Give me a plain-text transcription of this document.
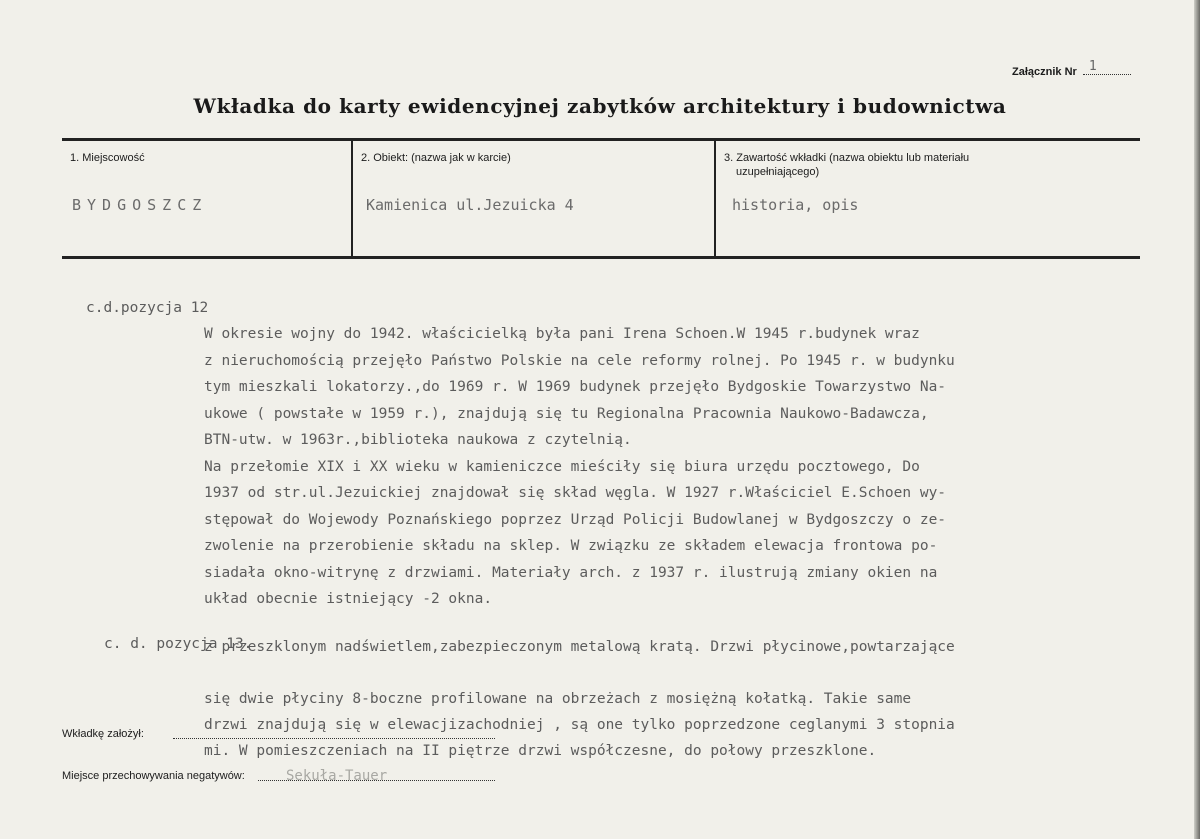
Załącznik Nr 1
Wkładka do karty ewidencyjnej zabytków architektury i budownictwa
1. Miejscowość
BYDGOSZCZ
2. Obiekt: (nazwa jak w karcie)
Kamienica ul.Jezuicka 4
3. Zawartość wkładki (nazwa obiektu lub materiału
uzupełniającego)
historia, opis
c.d.pozycja 12
W okresie wojny do 1942. właścicielką była pani Irena Schoen.W 1945 r.budynek wraz
z nieruchomością przejęło Państwo Polskie na cele reformy rolnej. Po 1945 r. w budynku
tym mieszkali lokatorzy.,do 1969 r. W 1969 budynek przejęło Bydgoskie Towarzystwo Na-
ukowe ( powstałe w 1959 r.), znajdują się tu Regionalna Pracownia Naukowo-Badawcza,
BTN-utw. w 1963r.,biblioteka naukowa z czytelnią.
Na przełomie XIX i XX wieku w kamieniczce mieściły się biura urzędu pocztowego, Do
1937 od str.ul.Jezuickiej znajdował się skład węgla. W 1927 r.Właściciel E.Schoen wy-
stępował do Wojewody Poznańskiego poprzez Urząd Policji Budowlanej w Bydgoszczy o ze-
zwolenie na przerobienie składu na sklep. W związku ze składem elewacja frontowa po-
siadała okno-witrynę z drzwiami. Materiały arch. z 1937 r. ilustrują zmiany okien na
układ obecnie istniejący -2 okna.
c. d. pozycja 13.
z przeszklonym nadświetlem,zabezpieczonym metalową kratą. Drzwi płycinowe,powtarzające
się dwie płyciny 8-boczne profilowane na obrzeżach z mosiężną kołatką. Takie same
drzwi znajdują się w elewacjizachodniej , są one tylko poprzedzone ceglanymi 3 stopnia
mi. W pomieszczeniach na II piętrze drzwi współczesne, do połowy przeszklone.
Wkładkę założył:
Miejsce przechowywania negatywów:	Sekuła-Tauer
